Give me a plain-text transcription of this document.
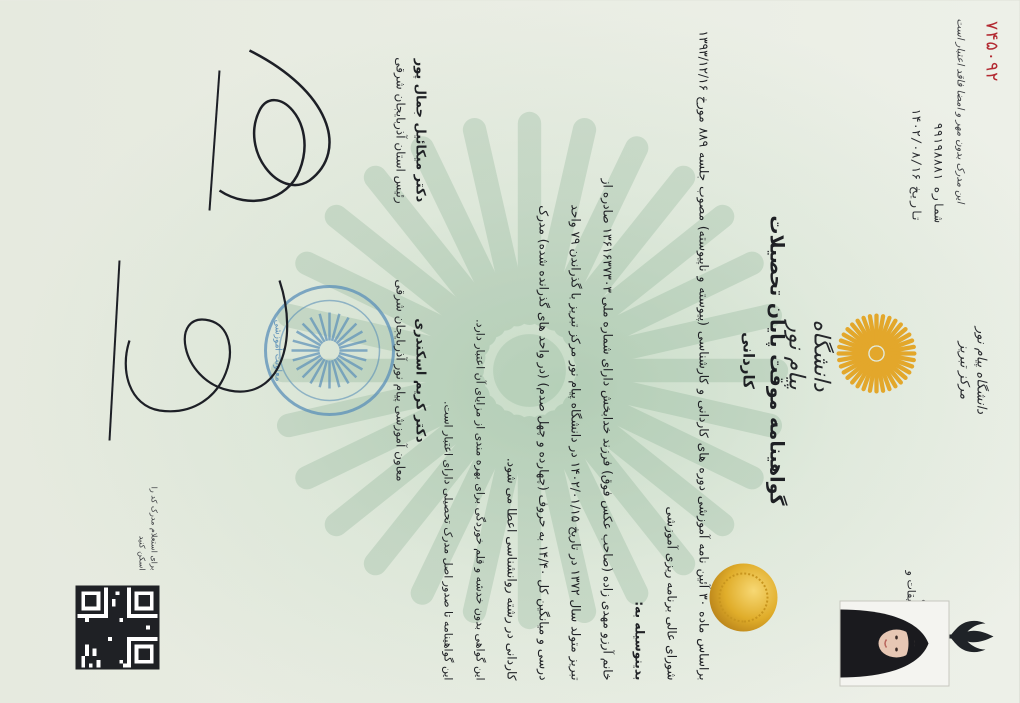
۷۴۵۰۹۲
این مدرک بدون مهر و امضا فاقد اعتبار است
دانشگاه پیام نور
مرکز تبریز
دانشگاه پیام نور
شماره
۹۹۱۹۸۸۸۱
تاریخ
۱۴۰۲/۰۸/۱۶
گواهینامه موقت پایان تحصیلات
کاردانی

براساس ماده ۳۰ آئین نامه آموزشی دوره های کاردانی و کارشناسی (پیوسته و ناپیوسته) مصوب جلسه ۸۸۹ مورخ ۱۳۹۳/۱۲/۱۶ شورای عالی برنامه ریزی آموزشی

بدینوسیله به:

خانم آرزو مهدی زاده (صاحب عکس فوق) فرزند خدابخش دارای شماره ملی ۱۳۶۱۶۳۷۳۰۳ صادره از

تبریز متولد سال ۱۳۷۲ در تاریخ ۱۴۰۲/۰۱/۱۵ در دانشگاه پیام نور مرکز تبریز با گذراندن ۷۹ واحد

درسی و میانگین کل ۱۴/۴۰ به حروف (چهارده و چهل صدم) (در واحد های گذرانده شده) مدرک

کاردانی در رشته روانشناسی اعطا می شود.

این گواهی بدون خدشه و قلم خوردگی برای بهره مندی از مزایای آن اعتبار دارد.

این گواهینامه تا صدور اصل مدرک تحصیلی دارای اعتبار است.

معاونت آموزشی	دکتر کریم اسکندری
معاون آموزشی پیام نور آذربایجان شرقی
دکتر میکائیل جمال پور
رئیس استان آذربایجان شرقی
برای استعلام مدرک کد را اسکن کنید
